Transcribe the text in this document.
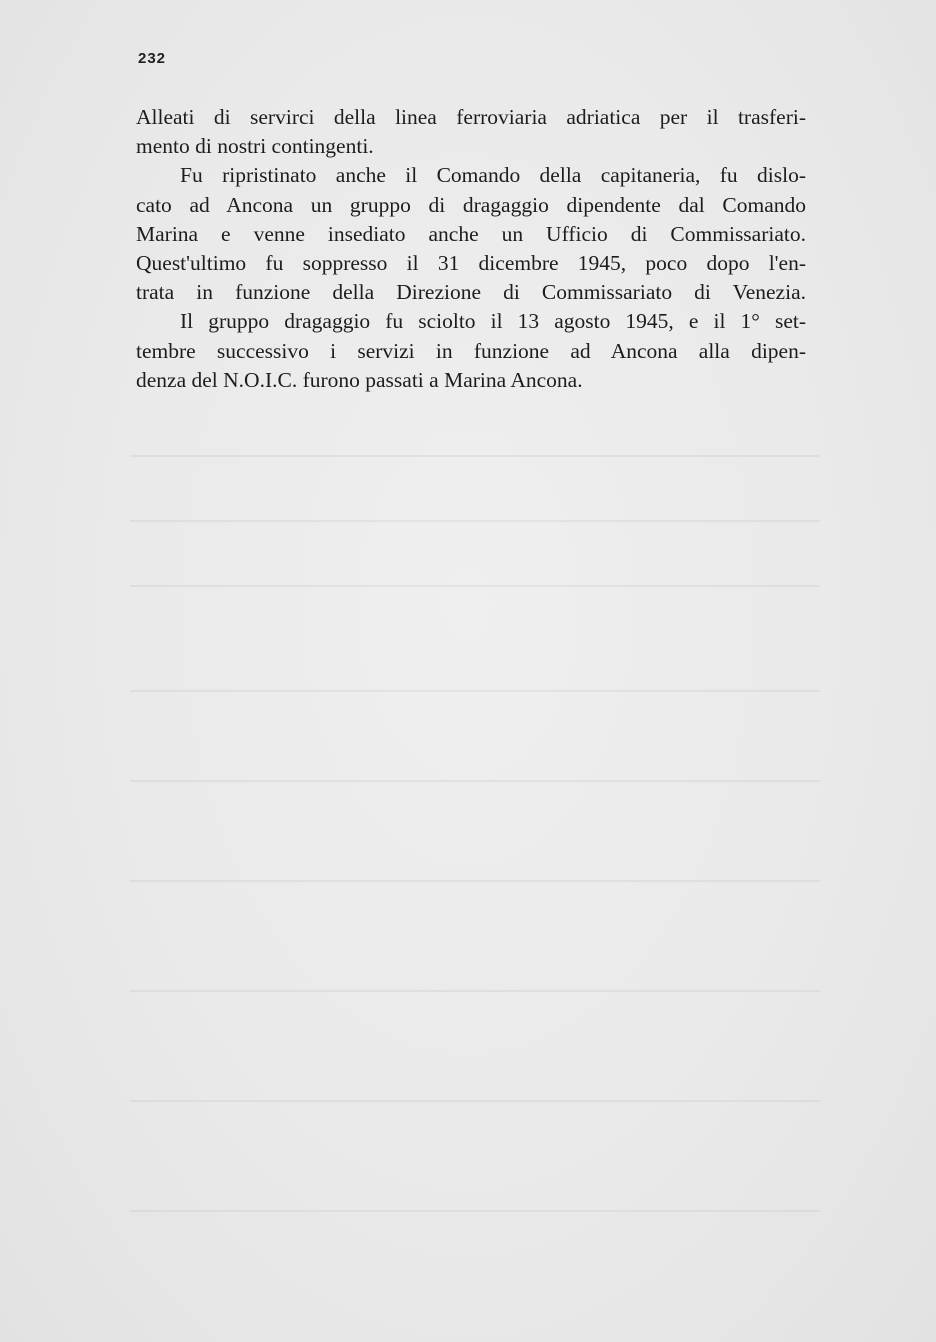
232
Alleati di servirci della linea ferroviaria adriatica per il trasferi-
mento di nostri contingenti.
Fu ripristinato anche il Comando della capitaneria, fu dislo-
cato ad Ancona un gruppo di dragaggio dipendente dal Comando
Marina e venne insediato anche un Ufficio di Commissariato.
Quest'ultimo fu soppresso il 31 dicembre 1945, poco dopo l'en-
trata in funzione della Direzione di Commissariato di Venezia.
Il gruppo dragaggio fu sciolto il 13 agosto 1945, e il 1° set-
tembre successivo i servizi in funzione ad Ancona alla dipen-
denza del N.O.I.C. furono passati a Marina Ancona.
